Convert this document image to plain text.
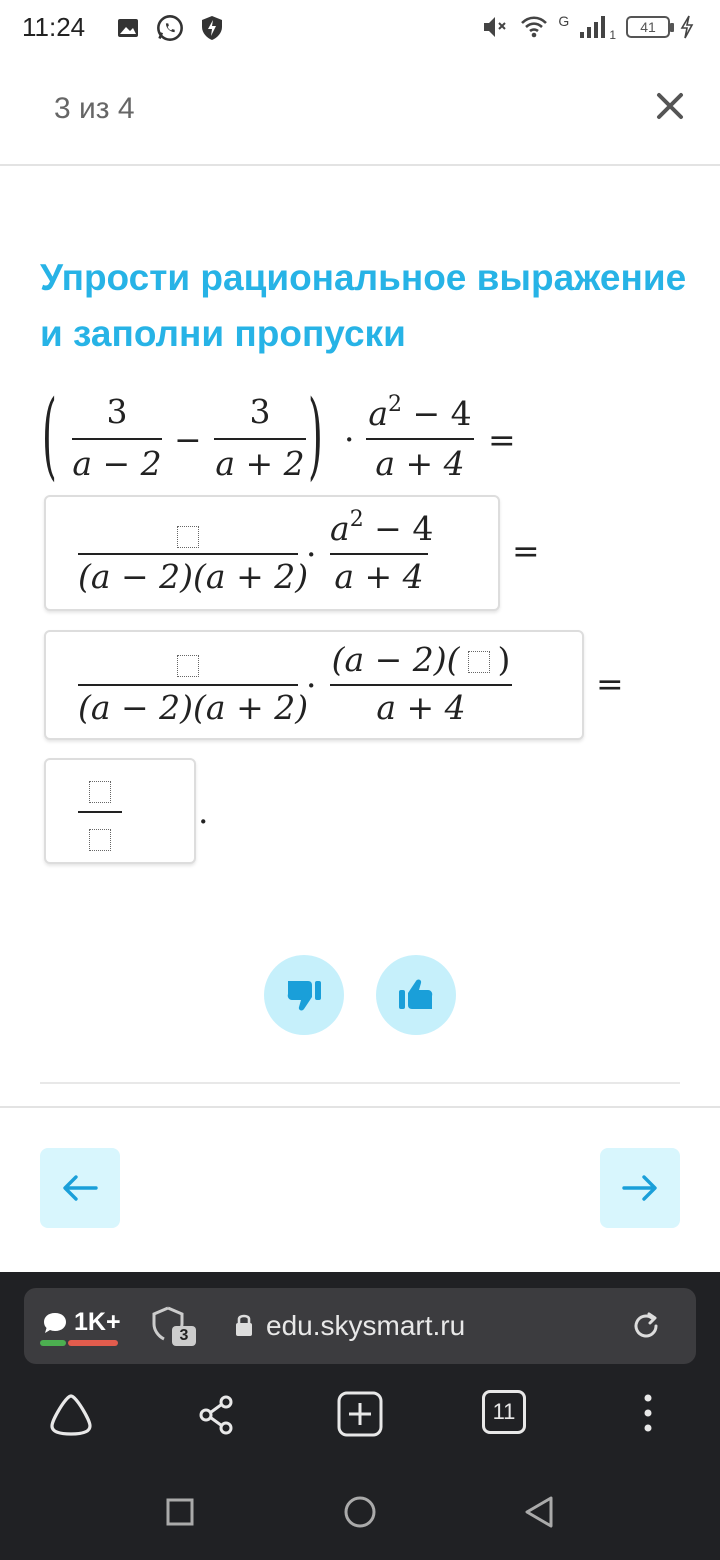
11:24	G
1	41
3 из 4
Упрости рациональное выражение и заполни пропуски
(	3
a − 2
−
3
a + 2 ) ·
$a^2 - 4$
a + 4
=
(a − 2)(a + 2)
·
$a^2 - 4$
a + 4
=
(a − 2)(a + 2)
·
(a − 2)( )
a + 4
=
.
1K+	3	edu.skysmart.ru
11
